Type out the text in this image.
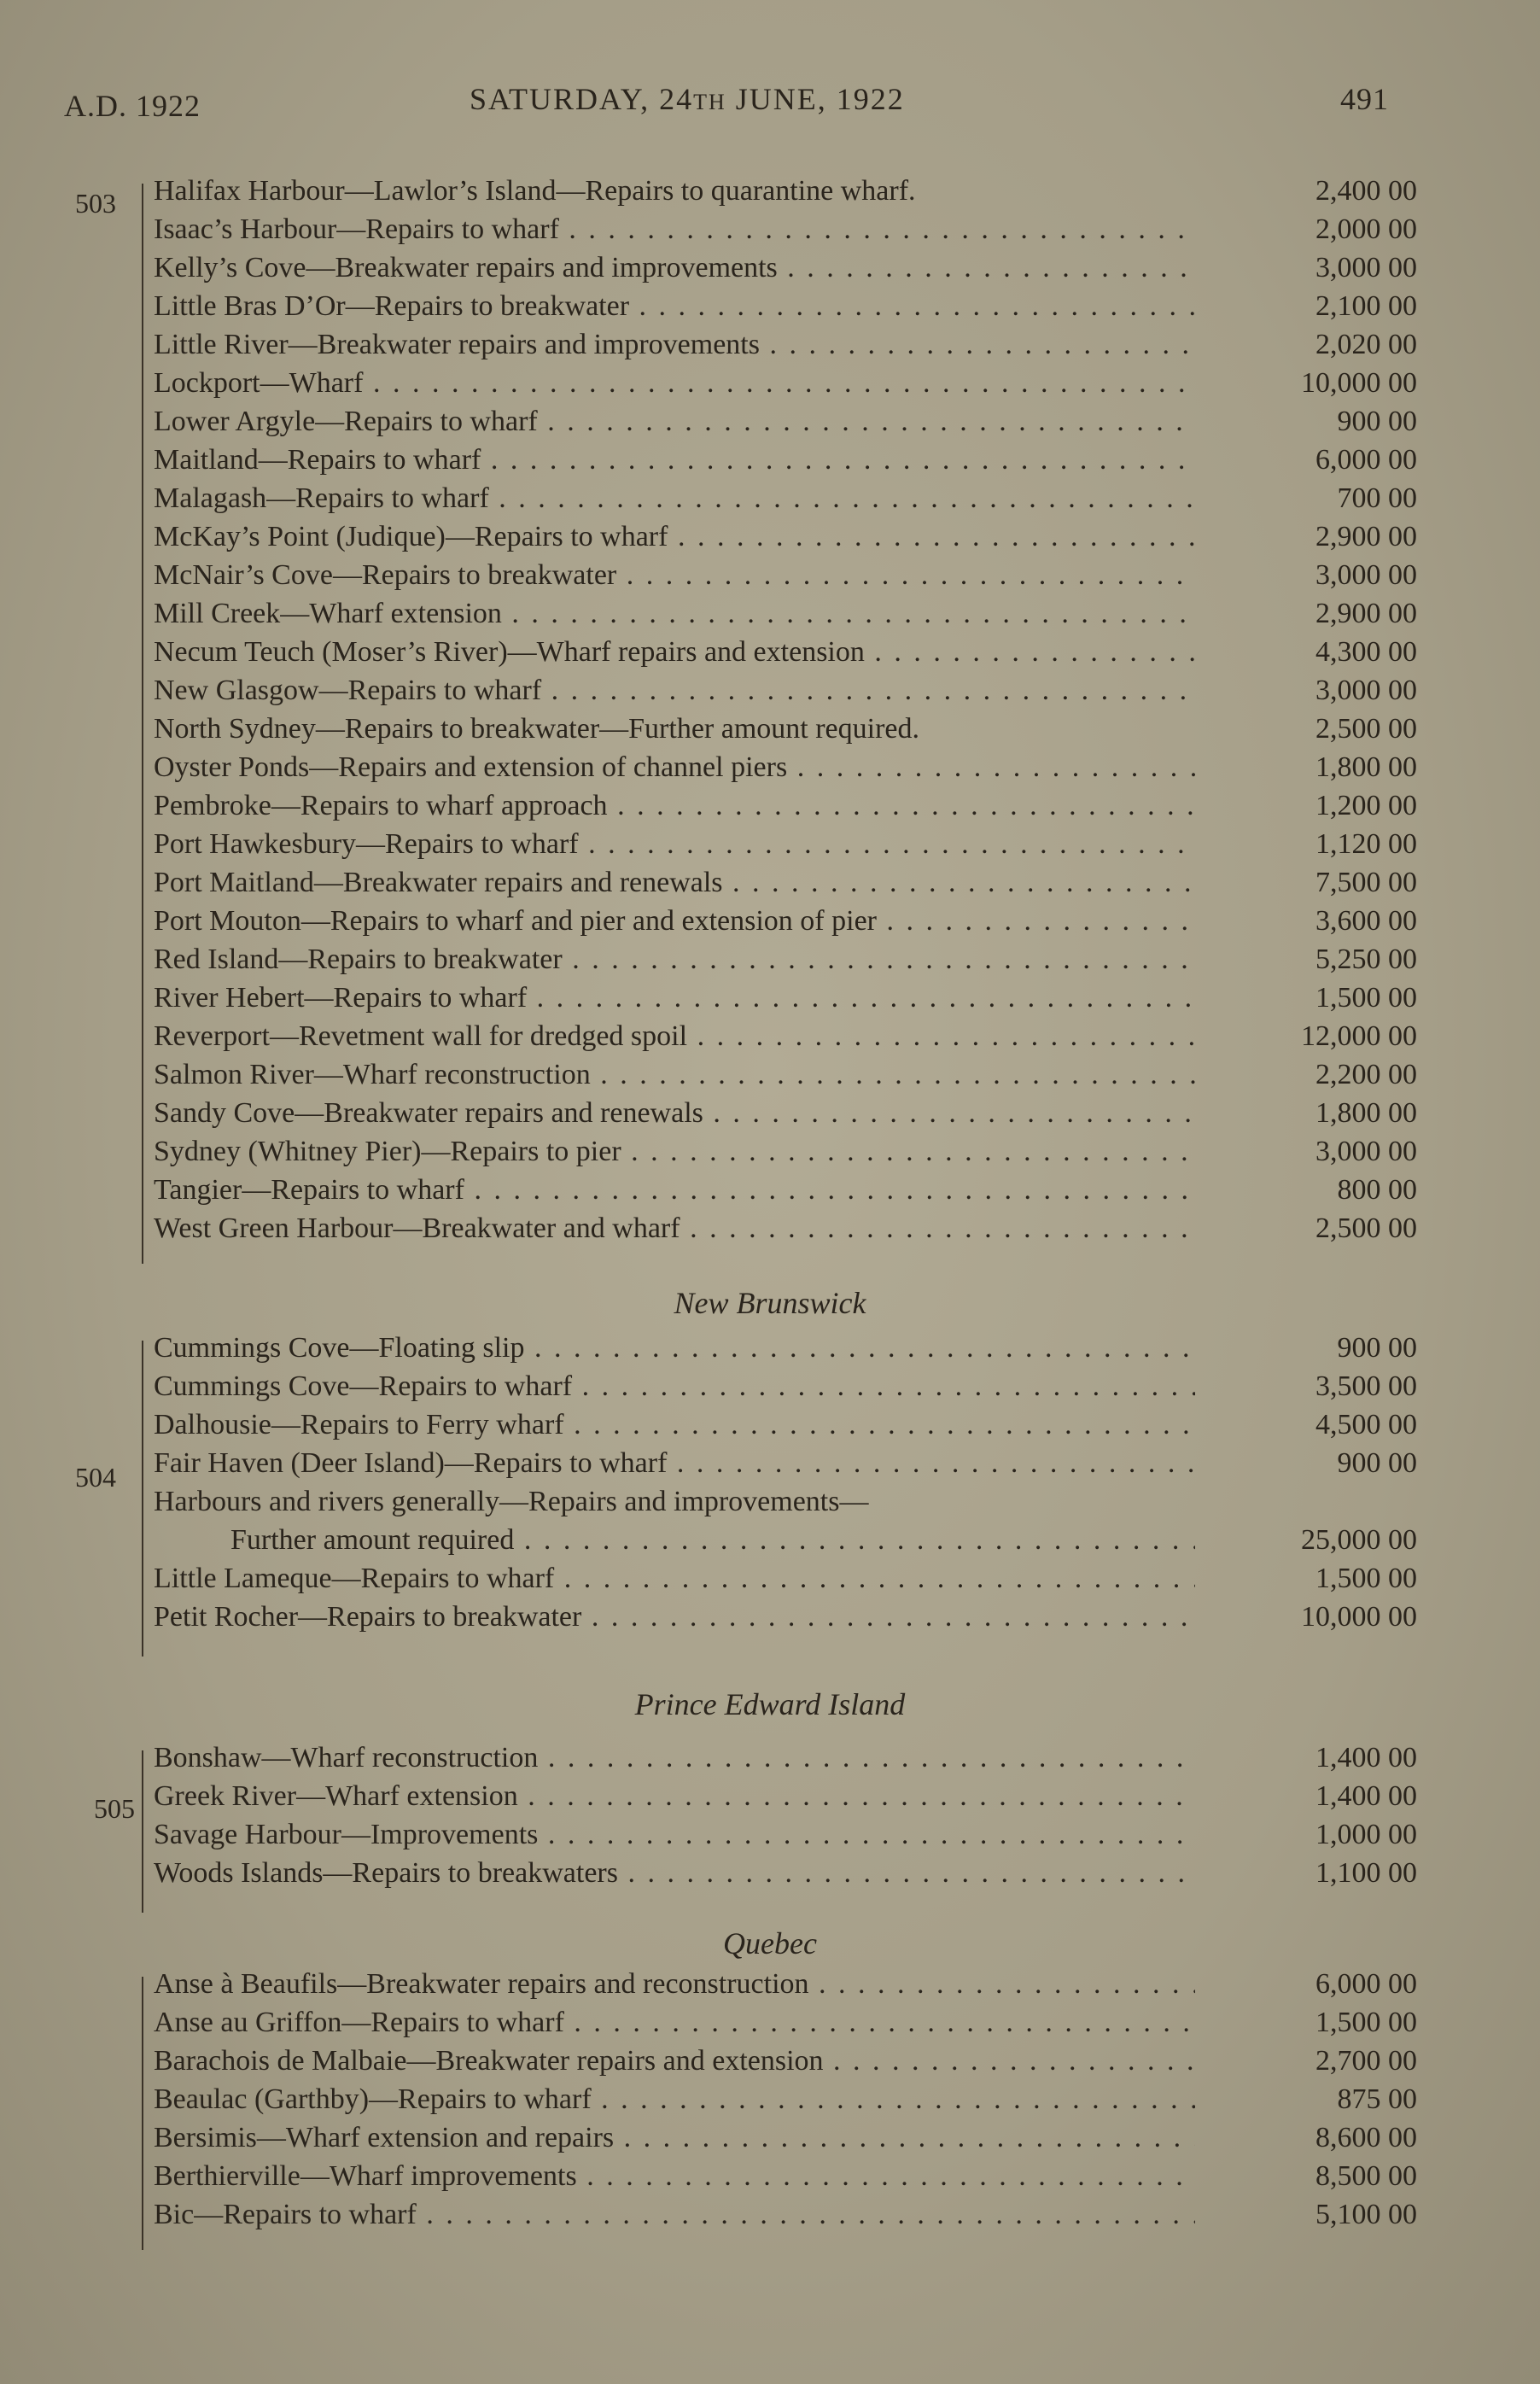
A.D. 1922	SATURDAY, 24TH JUNE, 1922	491
503 Halifax Harbour—Lawlor’s Island—Repairs to quarantine wharf.	2,400 00
Isaac’s Harbour—Repairs to wharf . . .	2,000 00
Kelly’s Cove—Breakwater repairs and improvements . . .	3,000 00
Little Bras D’Or—Repairs to breakwater . . .	2,100 00
Little River—Breakwater repairs and improvements . . .	2,020 00
Lockport—Wharf . . .	10,000 00
Lower Argyle—Repairs to wharf . . .	900 00
Maitland—Repairs to wharf . . .	6,000 00
Malagash—Repairs to wharf . . .	700 00
McKay’s Point (Judique)—Repairs to wharf . . .	2,900 00
McNair’s Cove—Repairs to breakwater . . .	3,000 00
Mill Creek—Wharf extension . . .	2,900 00
Necum Teuch (Moser’s River)—Wharf repairs and extension . . .	4,300 00
New Glasgow—Repairs to wharf . . .	3,000 00
North Sydney—Repairs to breakwater—Further amount required.	2,500 00
Oyster Ponds—Repairs and extension of channel piers . . .	1,800 00
Pembroke—Repairs to wharf approach . . .	1,200 00
Port Hawkesbury—Repairs to wharf . . .	1,120 00
Port Maitland—Breakwater repairs and renewals . . .	7,500 00
Port Mouton—Repairs to wharf and pier and extension of pier . . .	3,600 00
Red Island—Repairs to breakwater . . .	5,250 00
River Hebert—Repairs to wharf . . .	1,500 00
Reverport—Revetment wall for dredged spoil . . .	12,000 00
Salmon River—Wharf reconstruction . . .	2,200 00
Sandy Cove—Breakwater repairs and renewals . . .	1,800 00
Sydney (Whitney Pier)—Repairs to pier . . .	3,000 00
Tangier—Repairs to wharf . . .	800 00
West Green Harbour—Breakwater and wharf . . .	2,500 00
New Brunswick
504
Cummings Cove—Floating slip . . .	900 00
Cummings Cove—Repairs to wharf . . .	3,500 00
Dalhousie—Repairs to Ferry wharf . . .	4,500 00
Fair Haven (Deer Island)—Repairs to wharf . . .	900 00
Harbours and rivers generally—Repairs and improvements—
Further amount required . . .	25,000 00
Little Lameque—Repairs to wharf . . .	1,500 00
Petit Rocher—Repairs to breakwater . . .	10,000 00
Prince Edward Island
505
Bonshaw—Wharf reconstruction . . .	1,400 00
Greek River—Wharf extension . . .	1,400 00
Savage Harbour—Improvements . . .	1,000 00
Woods Islands—Repairs to breakwaters . . .	1,100 00
Quebec
Anse à Beaufils—Breakwater repairs and reconstruction . . .	6,000 00
Anse au Griffon—Repairs to wharf . . .	1,500 00
Barachois de Malbaie—Breakwater repairs and extension . . .	2,700 00
Beaulac (Garthby)—Repairs to wharf . . .	875 00
Bersimis—Wharf extension and repairs . . .	8,600 00
Berthierville—Wharf improvements . . .	8,500 00
Bic—Repairs to wharf . . .	5,100 00
